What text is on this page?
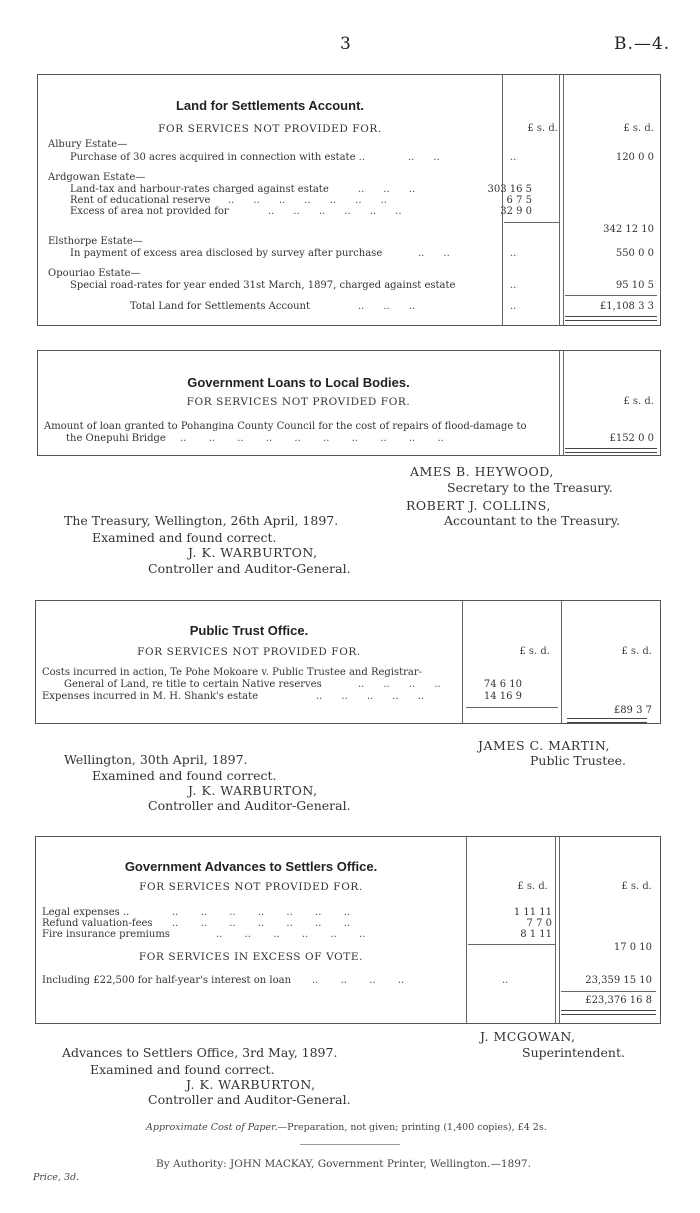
3	B.—4.
Land for Settlements Account.
FOR SERVICES NOT PROVIDED FOR.	£ s. d.	£ s. d.
Albury Estate—
Purchase of 30 acres acquired in connection with estate ..	..      ..	..	120 0 0
Ardgowan Estate—
Land-tax and harbour-rates charged against estate	..      ..      ..	303 16 5
Rent of educational reserve ..      ..      ..      ..      ..      ..      ..	6 7 5
Excess of area not provided for	..      ..      ..      ..      ..      ..	32 9 0
342 12 10
Elsthorpe Estate—
In payment of excess area disclosed by survey after purchase	..      ..	..	550 0 0
Opouriao Estate—
Special road-rates for year ended 31st March, 1897, charged against estate	..	95 10 5
Total Land for Settlements Account	..      ..      ..	..	£1,108 3 3
Government Loans to Local Bodies.
FOR SERVICES NOT PROVIDED FOR.	£ s. d.
Amount of loan granted to Pohangina County Council for the cost of repairs of flood-damage to
the Onepuhi Bridge ..       ..       ..       ..       ..       ..       ..       ..       ..       ..	£152 0 0
AMES B. HEYWOOD,
Secretary to the Treasury.
ROBERT J. COLLINS,
Accountant to the Treasury.
The Treasury, Wellington, 26th April, 1897.
Examined and found correct.
J. K. WARBURTON,
Controller and Auditor-General.
Public Trust Office.
FOR SERVICES NOT PROVIDED FOR.	£ s. d.	£ s. d.
Costs incurred in action, Te Pohe Mokoare v. Public Trustee and Registrar-
General of Land, re title to certain Native reserves	..      ..      ..      ..	74 6 10
Expenses incurred in M. H. Shank's estate	..      ..      ..      ..      ..	14 16 9
£89 3 7
JAMES C. MARTIN,
Public Trustee.
Wellington, 30th April, 1897.
Examined and found correct.
J. K. WARBURTON,
Controller and Auditor-General.
Government Advances to Settlers Office.
FOR SERVICES NOT PROVIDED FOR.	£ s. d.	£ s. d.
Legal expenses ..	..       ..       ..       ..       ..       ..       ..	1 11 11
Refund valuation-fees ..       ..       ..       ..       ..       ..       ..	7 7 0
Fire insurance premiums	..       ..       ..       ..       ..       ..	8 1 11
17 0 10
FOR SERVICES IN EXCESS OF VOTE.
Including £22,500 for half-year's interest on loan ..       ..       ..       ..	..	23,359 15 10
£23,376 16 8
J. MCGOWAN,
Superintendent.
Advances to Settlers Office, 3rd May, 1897.
Examined and found correct.
J. K. WARBURTON,
Controller and Auditor-General.
Approximate Cost of Paper.—Preparation, not given; printing (1,400 copies), £4 2s.
By Authority: JOHN MACKAY, Government Printer, Wellington.—1897.
Price, 3d.
